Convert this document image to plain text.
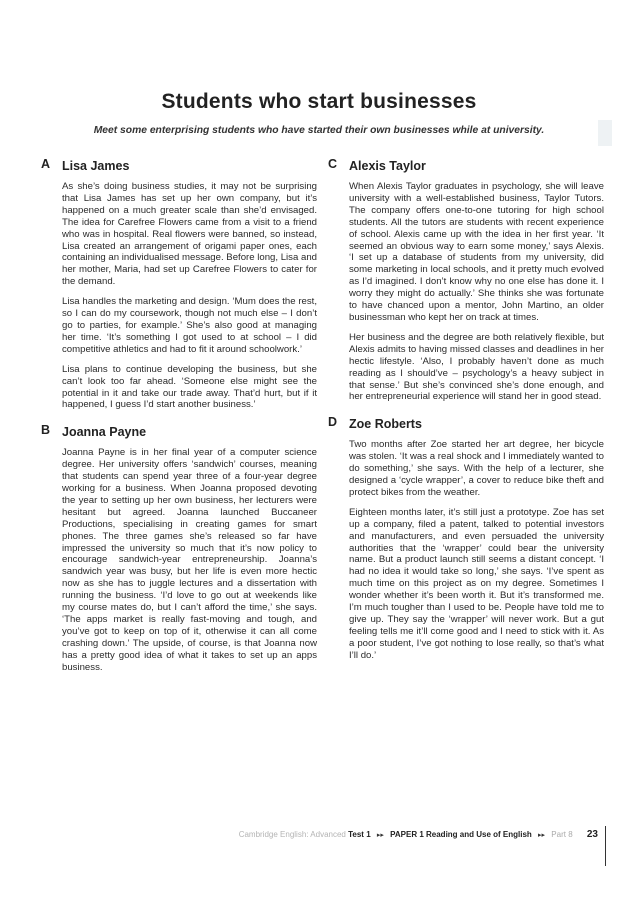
Students who start businesses
Meet some enterprising students who have started their own businesses while at university.
A Lisa James

As she’s doing business studies, it may not be surprising that Lisa James has set up her own company, but it’s happened on a much greater scale than she’d envisaged. The idea for Carefree Flowers came from a visit to a friend who was in hospital. Real flowers were banned, so instead, Lisa created an arrangement of origami paper ones, each containing an individualised message. Before long, Lisa and her mother, Maria, had set up Carefree Flowers to cater for the demand.

Lisa handles the marketing and design. ‘Mum does the rest, so I can do my coursework, though not much else – I don’t go to parties, for example.’ She’s also good at managing her time. ‘It’s something I got used to at school – I did competitive athletics and had to fit it around schoolwork.’

Lisa plans to continue developing the business, but she can’t look too far ahead. ‘Someone else might see the potential in it and take our trade away. That’d hurt, but if it happened, I guess I’d start another business.’

B Joanna Payne

Joanna Payne is in her final year of a computer science degree. Her university offers ‘sandwich’ courses, meaning that students can spend year three of a four-year degree working for a business. When Joanna proposed devoting the year to setting up her own business, her lecturers were hesitant but agreed. Joanna launched Buccaneer Productions, specialising in creating games for smart phones. The three games she’s released so far have impressed the university so much that it’s now policy to encourage sandwich-year entrepreneurship. Joanna’s sandwich year was busy, but her life is even more hectic now as she has to juggle lectures and a dissertation with running the business. ‘I’d love to go out at weekends like my course mates do, but I can’t afford the time,’ she says. ‘The apps market is really fast-moving and tough, and you’ve got to keep on top of it, otherwise it can all come crashing down.’ The upside, of course, is that Joanna now has a pretty good idea of what it takes to set up an apps business.

C Alexis Taylor

When Alexis Taylor graduates in psychology, she will leave university with a well-established business, Taylor Tutors. The company offers one-to-one tutoring for high school students. All the tutors are students with recent experience of school. Alexis came up with the idea in her first year. ‘It seemed an obvious way to earn some money,’ says Alexis. ‘I set up a database of students from my university, did some marketing in local schools, and it pretty much evolved as I’d imagined. I don’t know why no one else has done it. I worry they might do actually.’ She thinks she was fortunate to have chanced upon a mentor, John Martino, an older businessman who kept her on track at times.

Her business and the degree are both relatively flexible, but Alexis admits to having missed classes and deadlines in her hectic lifestyle. ‘Also, I probably haven’t done as much reading as I should’ve – psychology’s a heavy subject in that sense.’ But she’s convinced she’s done enough, and her entrepreneurial experience will stand her in good stead.

D Zoe Roberts

Two months after Zoe started her art degree, her bicycle was stolen. ‘It was a real shock and I immediately wanted to do something,’ she says. With the help of a lecturer, she designed a ‘cycle wrapper’, a cover to reduce bike theft and protect bikes from the weather.

Eighteen months later, it’s still just a prototype. Zoe has set up a company, filed a patent, talked to potential investors and manufacturers, and even persuaded the university authorities that the ‘wrapper’ could bear the university name. But a product launch still seems a distant concept. ‘I had no idea it would take so long,’ she says. ‘I’ve spent as much time on this project as on my degree. Sometimes I wonder whether it’s been worth it. But it’s transformed me. I’m much tougher than I used to be. People have told me to give up. They say the ‘wrapper’ will never work. But a gut feeling tells me it’ll come good and I need to stick with it. As a poor student, I’ve got nothing to lose really, so that’s what I’ll do.’

Cambridge English: Advanced Test 1 ▸▸ PAPER 1 Reading and Use of English ▸▸ Part 8 23
